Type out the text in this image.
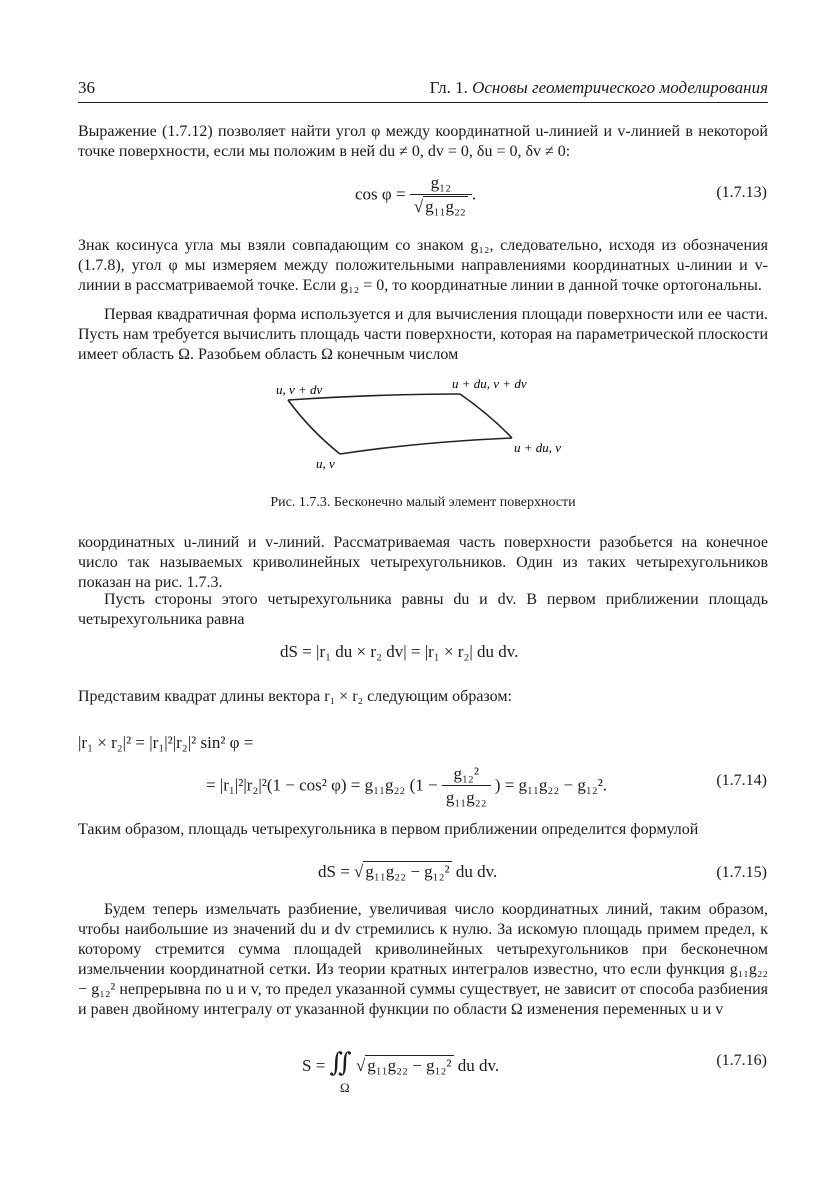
36	Гл. 1. Основы геометрического моделирования

Выражение (1.7.12) позволяет найти угол φ между координатной u-линией и v-линией в некоторой точке поверхности, если мы положим в ней du ≠ 0, dv = 0, δu = 0, δv ≠ 0:

$\cos \varphi = \frac{\text{g₁₂}}{\text{√ g₁₁g₂₂}}$ .	(1.7.13)

Знак косинуса угла мы взяли совпадающим со знаком g₁₂, следовательно, исходя из обозначения (1.7.8), угол φ мы измеряем между положительными направлениями координатных u-линии и v-линии в рассматриваемой точке. Если g₁₂ = 0, то координатные линии в данной точке ортогональны.

Первая квадратичная форма используется и для вычисления площади поверхности или ее части. Пусть нам требуется вычислить площадь части поверхности, которая на параметрической плоскости имеет область Ω. Разобьем область Ω конечным числом

u, v + dv	u + du, v + dv
u + du, v
u, v
Рис. 1.7.3. Бесконечно малый элемент поверхности

координатных u-линий и v-линий. Рассматриваемая часть поверхности разобьется на конечное число так называемых криволинейных четырехугольников. Один из таких четырехугольников показан на рис. 1.7.3.

Пусть стороны этого четырехугольника равны du и dv. В первом приближении площадь четырехугольника равна

dS = |r₁ du × r₂ dv| = |r₁ × r₂| du dv.

Представим квадрат длины вектора r₁ × r₂ следующим образом:

|r₁ × r₂|² = |r₁|²|r₂|² sin² φ =
= |r₁|²|r₂|²(1 − cos² φ) = g₁₁g₂₂ ($1 - \frac{\text{g₁₂²}}{\text{g₁₁g₂₂}}$ ) = g₁₁g₂₂ − g₁₂².	(1.7.14)

Таким образом, площадь четырехугольника в первом приближении определится формулой

dS = √ g₁₁g₂₂ − g₁₂² du dv.	(1.7.15)

Будем теперь измельчать разбиение, увеличивая число координатных линий, таким образом, чтобы наибольшие из значений du и dv стремились к нулю. За искомую площадь примем предел, к которому стремится сумма площадей криволинейных четырехугольников при бесконечном измельчении координатной сетки. Из теории кратных интегралов известно, что если функция g₁₁g₂₂ − g₁₂² непрерывна по u и v, то предел указанной суммы существует, не зависит от способа разбиения и равен двойному интегралу от указанной функции по области Ω изменения переменных u и v

S = ∬ √ g₁₁g₂₂ − g₁₂² du dv.
Ω
(1.7.16)
